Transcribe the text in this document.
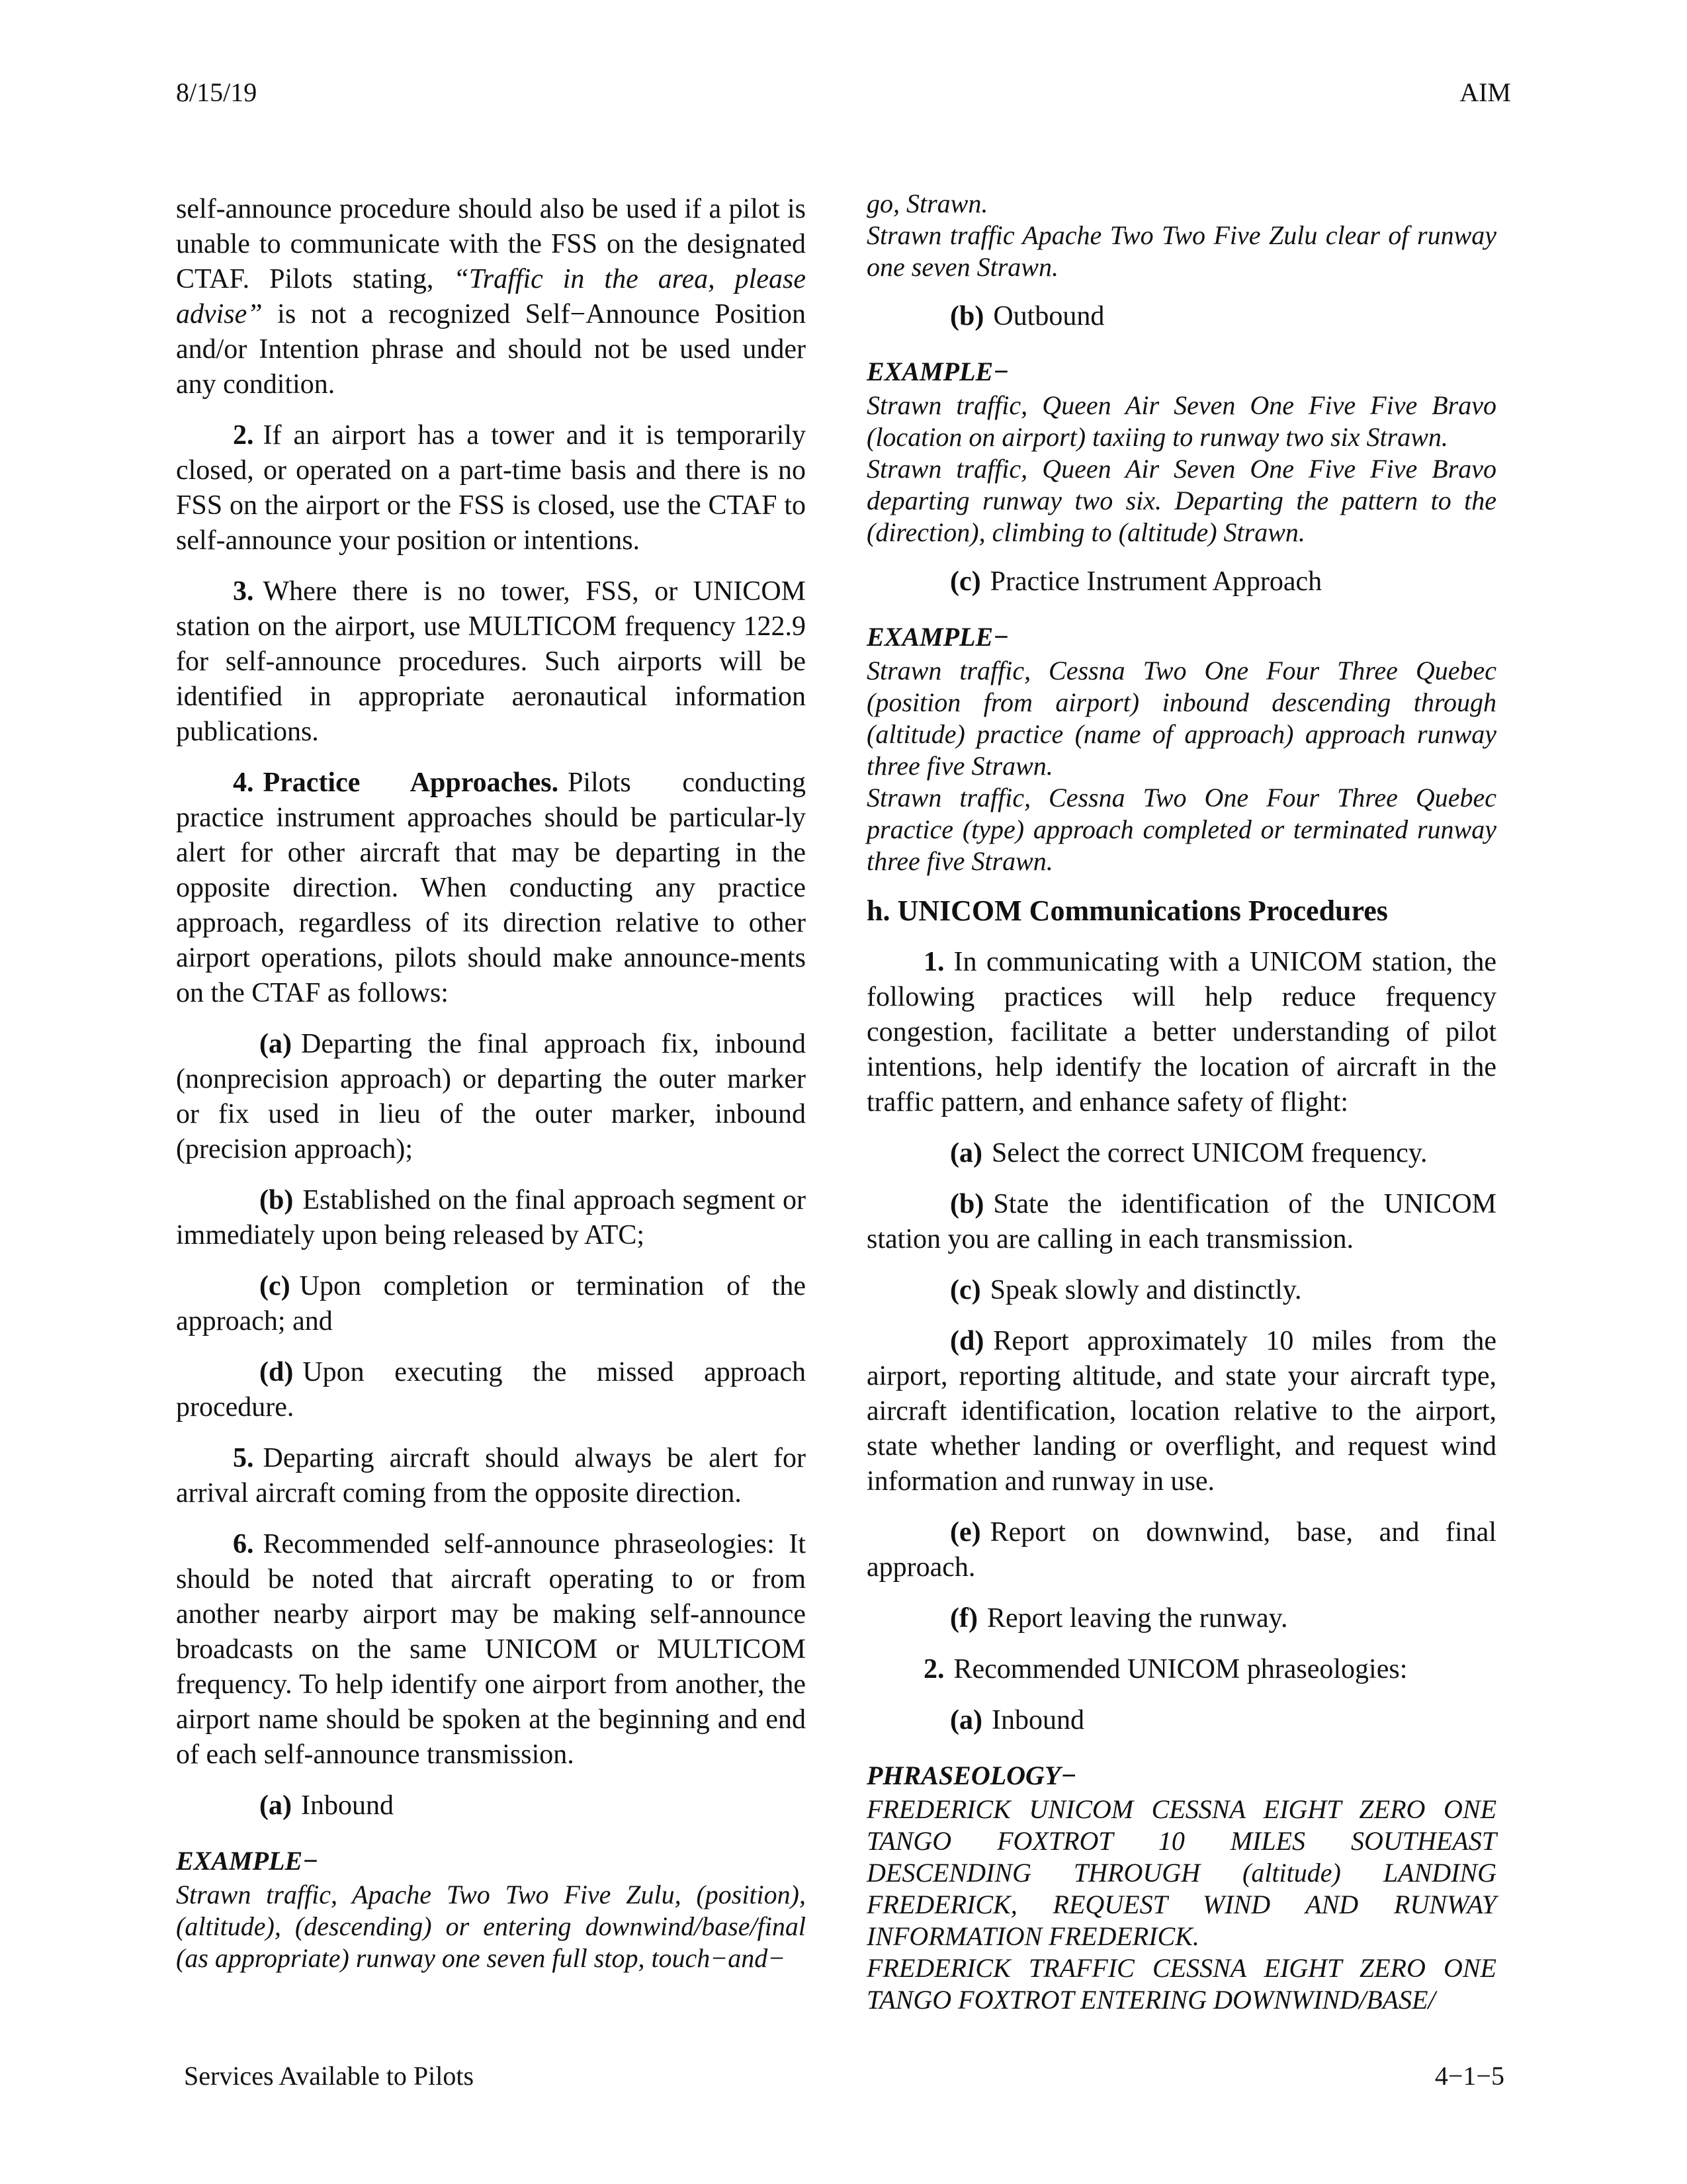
8/15/19	AIM

self-announce procedure should also be used if a pilot is unable to communicate with the FSS on the designated CTAF. Pilots stating, “Traffic in the area, please advise” is not a recognized Self−Announce Position and/or Intention phrase and should not be used under any condition.

2. If an airport has a tower and it is temporarily closed, or operated on a part-time basis and there is no FSS on the airport or the FSS is closed, use the CTAF to self-announce your position or intentions.

3. Where there is no tower, FSS, or UNICOM station on the airport, use MULTICOM frequency 122.9 for self-announce procedures. Such airports will be identified in appropriate aeronautical information publications.

4. Practice Approaches. Pilots conducting practice instrument approaches should be particular-ly alert for other aircraft that may be departing in the opposite direction. When conducting any practice approach, regardless of its direction relative to other airport operations, pilots should make announce-ments on the CTAF as follows:

(a) Departing the final approach fix, inbound (nonprecision approach) or departing the outer marker or fix used in lieu of the outer marker, inbound (precision approach);

(b) Established on the final approach segment or immediately upon being released by ATC;

(c) Upon completion or termination of the approach; and

(d) Upon executing the missed approach procedure.

5. Departing aircraft should always be alert for arrival aircraft coming from the opposite direction.

6. Recommended self-announce phraseologies: It should be noted that aircraft operating to or from another nearby airport may be making self-announce broadcasts on the same UNICOM or MULTICOM frequency. To help identify one airport from another, the airport name should be spoken at the beginning and end of each self-announce transmission.

(a) Inbound

EXAMPLE−

Strawn traffic, Apache Two Two Five Zulu, (position), (altitude), (descending) or entering downwind/base/final (as appropriate) runway one seven full stop, touch−and−

go, Strawn.

Strawn traffic Apache Two Two Five Zulu clear of runway one seven Strawn.

(b) Outbound

EXAMPLE−

Strawn traffic, Queen Air Seven One Five Five Bravo (location on airport) taxiing to runway two six Strawn.

Strawn traffic, Queen Air Seven One Five Five Bravo departing runway two six. Departing the pattern to the (direction), climbing to (altitude) Strawn.

(c) Practice Instrument Approach

EXAMPLE−

Strawn traffic, Cessna Two One Four Three Quebec (position from airport) inbound descending through (altitude) practice (name of approach) approach runway three five Strawn.

Strawn traffic, Cessna Two One Four Three Quebec practice (type) approach completed or terminated runway three five Strawn.

h. UNICOM Communications Procedures

1. In communicating with a UNICOM station, the following practices will help reduce frequency congestion, facilitate a better understanding of pilot intentions, help identify the location of aircraft in the traffic pattern, and enhance safety of flight:

(a) Select the correct UNICOM frequency.

(b) State the identification of the UNICOM station you are calling in each transmission.

(c) Speak slowly and distinctly.

(d) Report approximately 10 miles from the airport, reporting altitude, and state your aircraft type, aircraft identification, location relative to the airport, state whether landing or overflight, and request wind information and runway in use.

(e) Report on downwind, base, and final approach.

(f) Report leaving the runway.

2. Recommended UNICOM phraseologies:

(a) Inbound

PHRASEOLOGY−

FREDERICK UNICOM CESSNA EIGHT ZERO ONE TANGO FOXTROT 10 MILES SOUTHEAST DESCENDING THROUGH (altitude) LANDING FREDERICK, REQUEST WIND AND RUNWAY INFORMATION FREDERICK.

FREDERICK TRAFFIC CESSNA EIGHT ZERO ONE TANGO FOXTROT ENTERING DOWNWIND/BASE/

Services Available to Pilots	4−1−5
